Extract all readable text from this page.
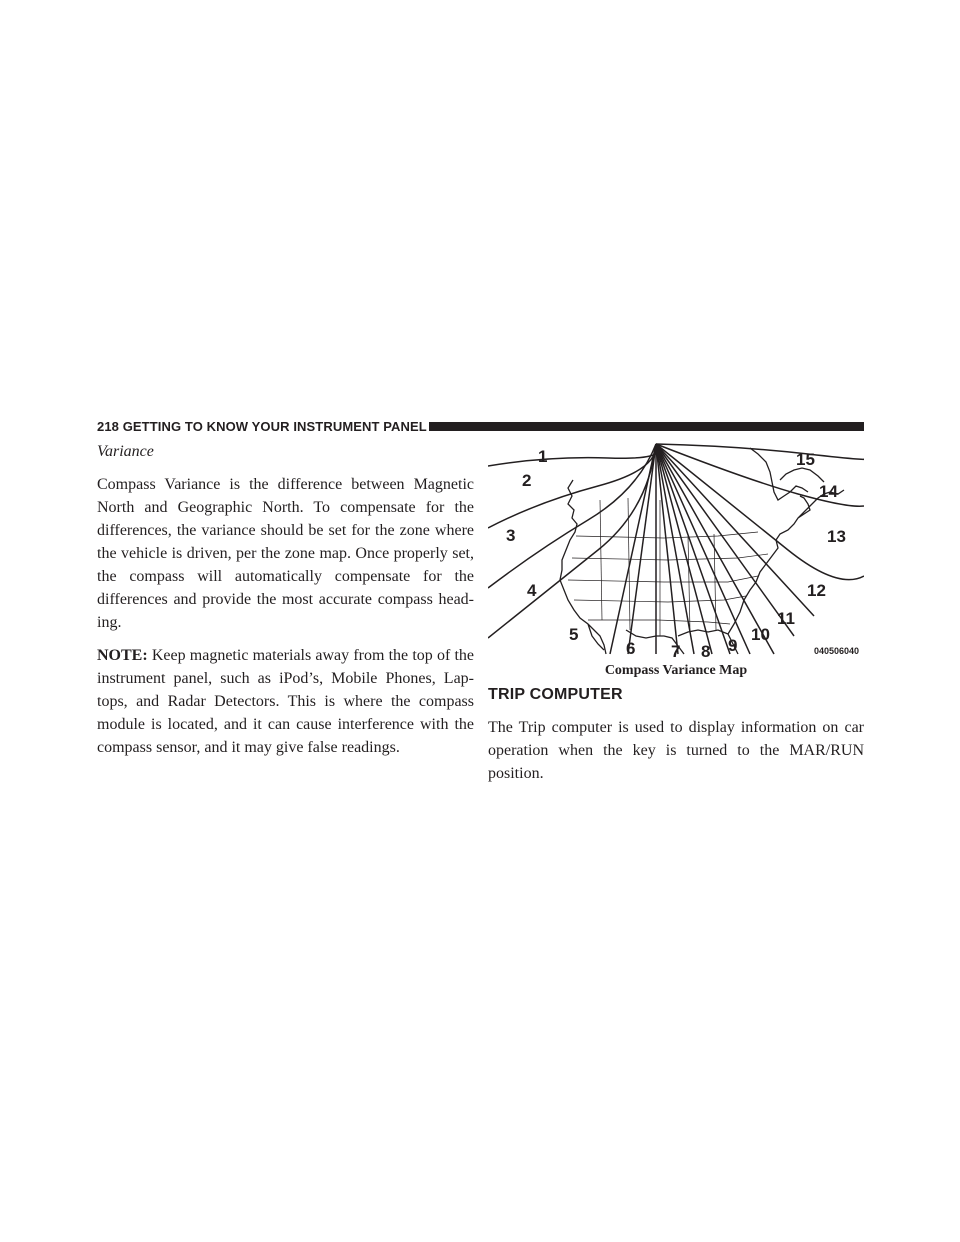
218 GETTING TO KNOW YOUR INSTRUMENT PANEL
Variance

Compass Variance is the difference between Magnetic North and Geographic North. To compensate for the differences, the variance should be set for the zone where the vehicle is driven, per the zone map. Once properly set, the compass will automatically compensate for the differences and provide the most accurate compass head-ing.

NOTE: Keep magnetic materials away from the top of the instrument panel, such as iPod’s, Mobile Phones, Lap-tops, and Radar Detectors. This is where the compass module is located, and it can cause interference with the compass sensor, and it may give false readings.

1
2
3
4
5
6 7 8 9
10
11
12
13
14
15
040506040
Compass Variance Map
TRIP COMPUTER

The Trip computer is used to display information on car operation when the key is turned to the MAR/RUN position.
